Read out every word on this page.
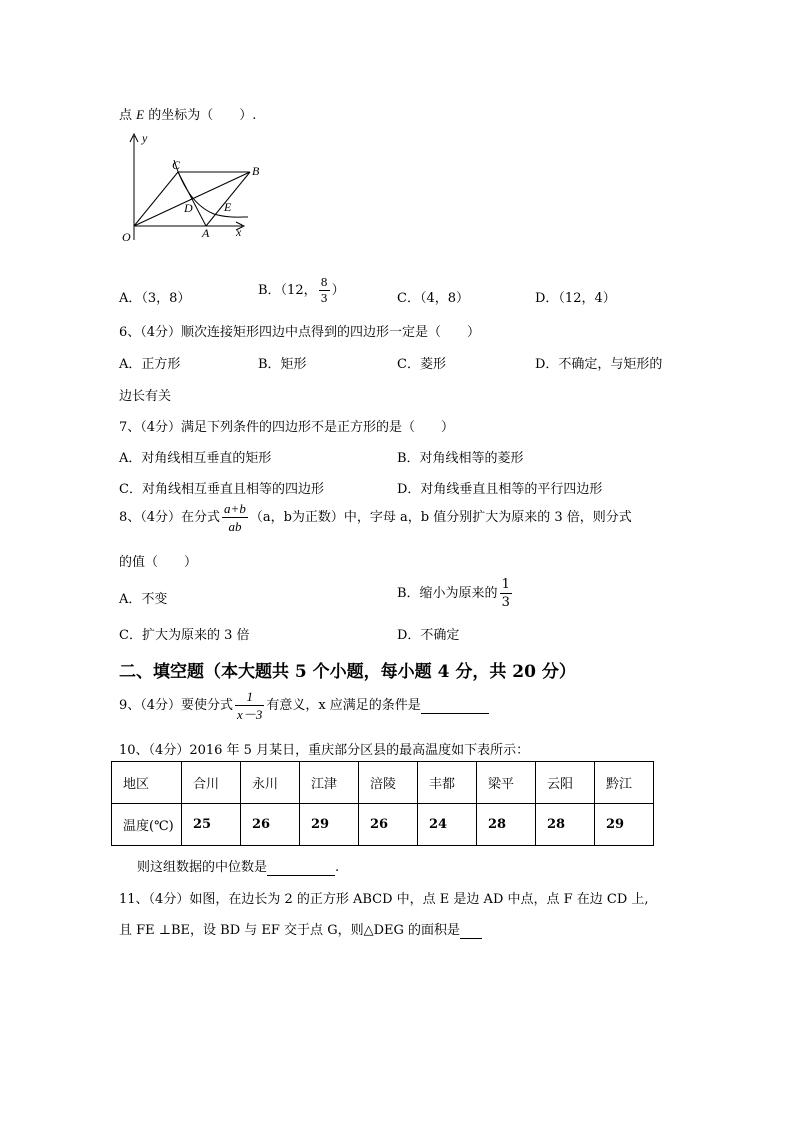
点 E 的坐标为（　　）.
y
x
O	A
B
C
D	E
A．（3，8）
B．（12， $\frac{8}{3}$ ）
C．（4，8）	D．（12，4）
6、（4分）顺次连接矩形四边中点得到的四边形一定是（　　）
A．正方形	B．矩形	C．菱形	D．不确定，与矩形的
边长有关
7、（4分）满足下列条件的四边形不是正方形的是（　　）
A．对角线相互垂直的矩形	B．对角线相等的菱形
C．对角线相互垂直且相等的四边形	D．对角线垂直且相等的平行四边形
8、（4分）在分式 $\frac{a+b}{ab} (a$，b为正数）中，字母 a，b 值分别扩大为原来的 3 倍，则分式
的值（　　）
A．不变	B．缩小为原来的 $\frac{1}{3}$
C．扩大为原来的 3 倍	D．不确定
二、填空题（本大题共 5 个小题，每小题 4 分，共 20 分）
9、（4分）要使分式 $\frac{1}{x-3}$ 有意义，x 应满足的条件是
10、（4分）2016 年 5 月某日，重庆部分区县的最高温度如下表所示：
地区	合川	永川	江津	涪陵	丰都	梁平	云阳	黔江
温度(℃)	25	26	29	26	24	28	28	29
则这组数据的中位数是	.
11、（4分）如图，在边长为 2 的正方形 ABCD 中，点 E 是边 AD 中点，点 F 在边 CD 上,
且 FE ⊥BE，设 BD 与 EF 交于点 G，则△DEG 的面积是
